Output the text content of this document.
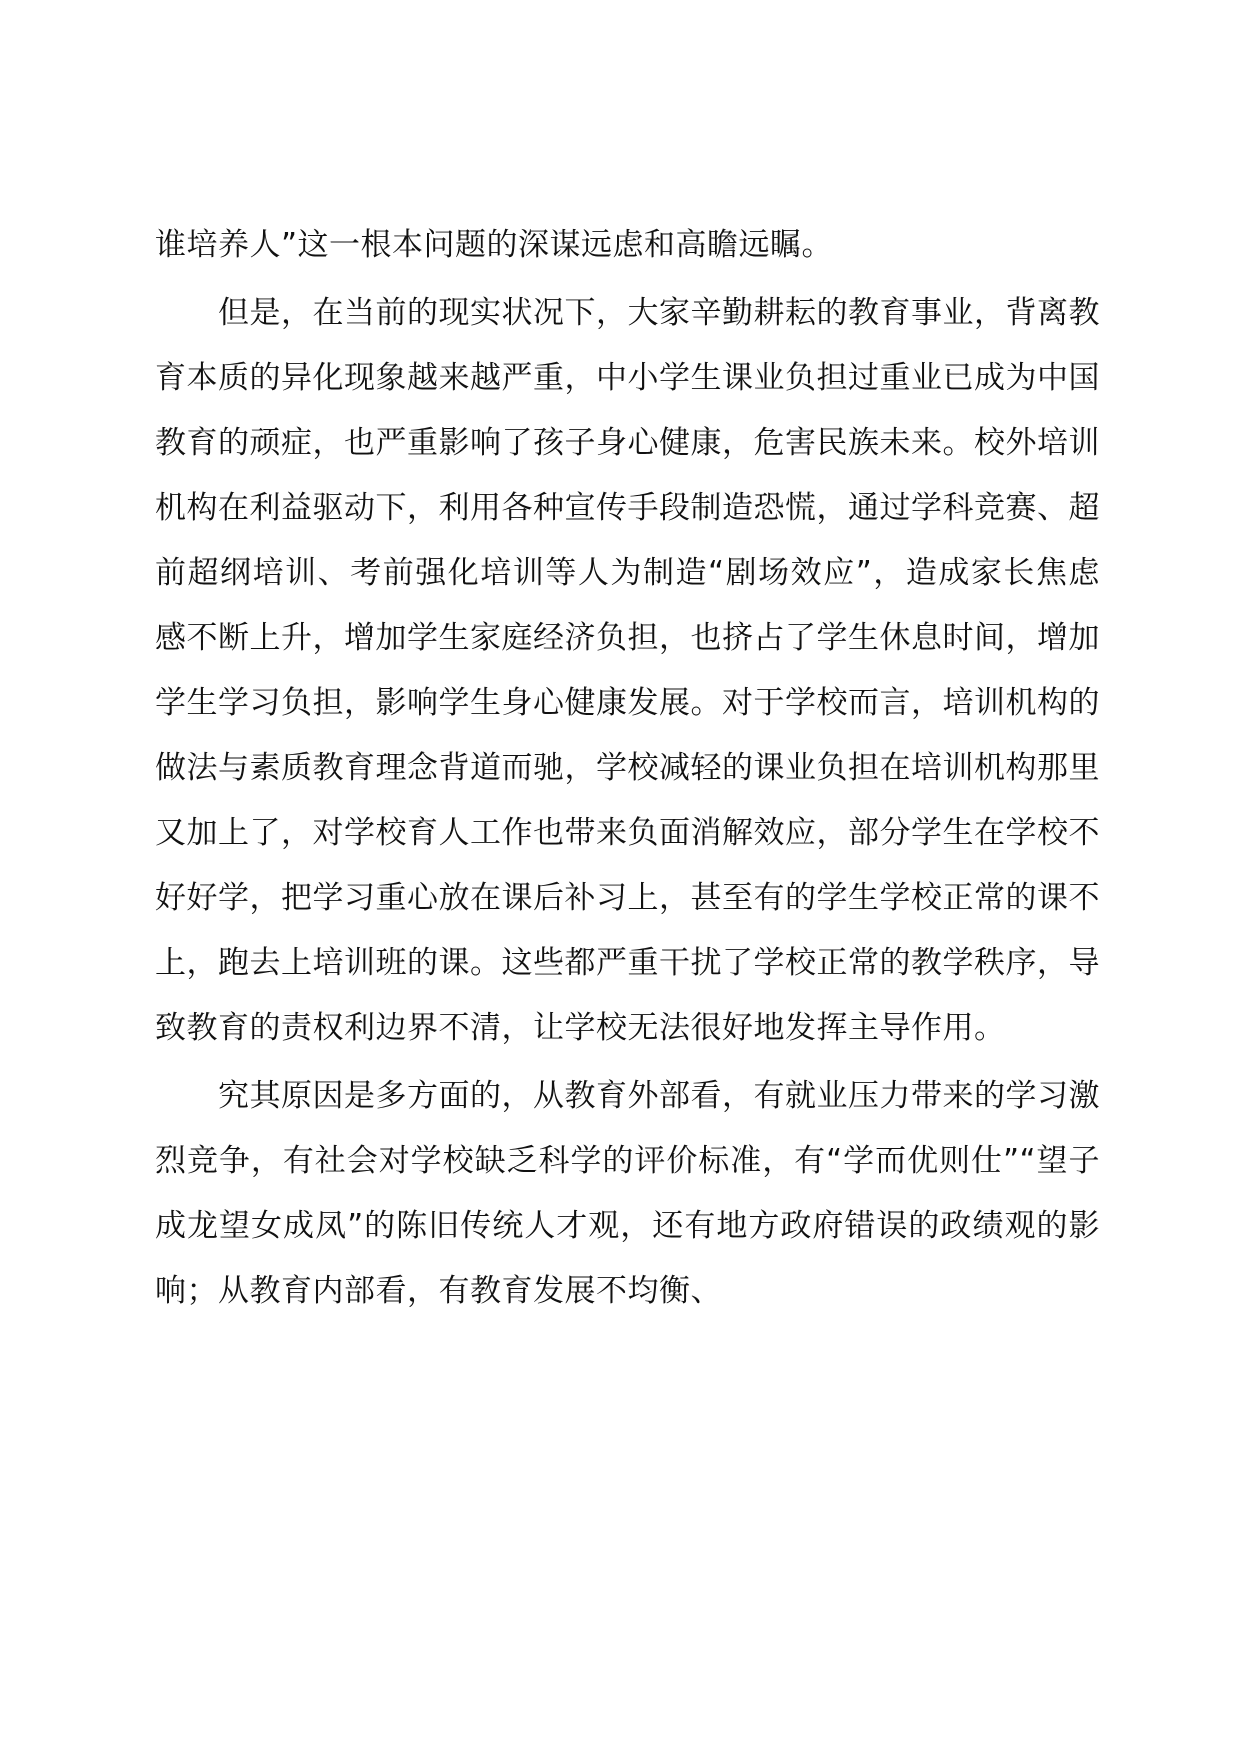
谁培养人”这一根本问题的深谋远虑和高瞻远瞩。

但是，在当前的现实状况下，大家辛勤耕耘的教育事业，背离教育本质的异化现象越来越严重，中小学生课业负担过重业已成为中国教育的顽症，也严重影响了孩子身心健康，危害民族未来。校外培训机构在利益驱动下，利用各种宣传手段制造恐慌，通过学科竞赛、超前超纲培训、考前强化培训等人为制造“剧场效应”，造成家长焦虑感不断上升，增加学生家庭经济负担，也挤占了学生休息时间，增加学生学习负担，影响学生身心健康发展。对于学校而言，培训机构的做法与素质教育理念背道而驰，学校减轻的课业负担在培训机构那里又加上了，对学校育人工作也带来负面消解效应，部分学生在学校不好好学，把学习重心放在课后补习上，甚至有的学生学校正常的课不上，跑去上培训班的课。这些都严重干扰了学校正常的教学秩序，导致教育的责权利边界不清，让学校无法很好地发挥主导作用。

究其原因是多方面的，从教育外部看，有就业压力带来的学习激烈竞争，有社会对学校缺乏科学的评价标准，有“学而优则仕”“望子成龙望女成凤”的陈旧传统人才观，还有地方政府错误的政绩观的影响；从教育内部看，有教育发展不均衡、
